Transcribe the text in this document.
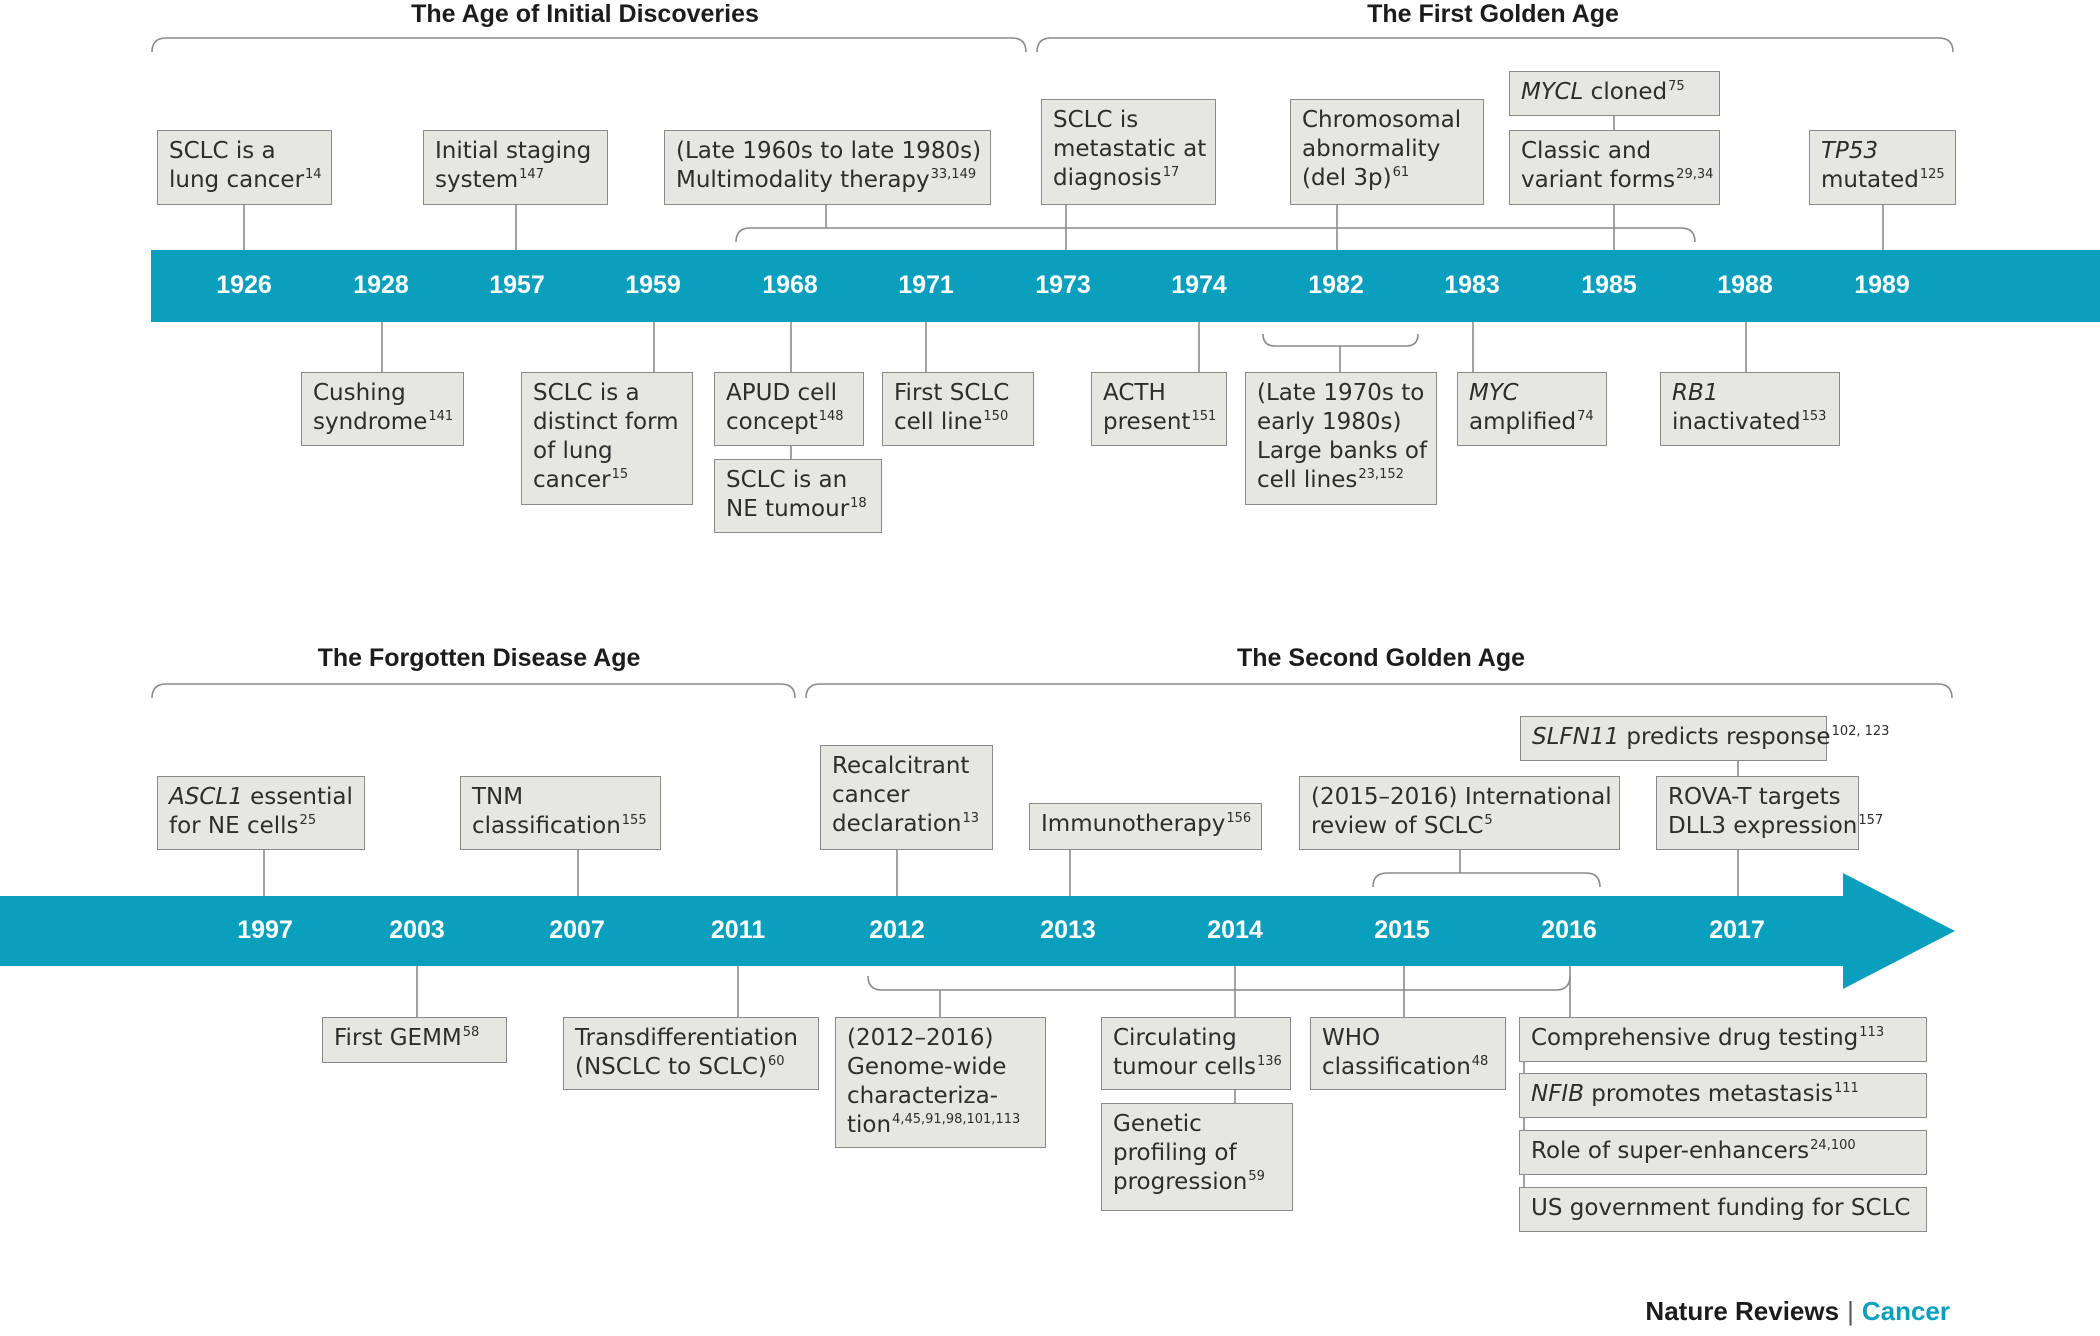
The Age of Initial Discoveries	The First Golden Age
The Forgotten Disease Age	The Second Golden Age
1926	1928	1957	1959	1968	1971	1973	1974	1982	1983	1985	1988	1989
1997	2003	2007	2011	2012	2013	2014	2015	2016	2017
SCLC is a
lung cancer$^{14}$
Initial staging
system$^{147}$
(Late 1960s to late 1980s)
Multimodality therapy$^{33,149}$
SCLC is
metastatic at
diagnosis$^{17}$
Chromosomal
abnormality
(del 3p)$^{61}$
MYCL cloned$^{75}$
Classic and
variant forms$^{29,34}$
TP53
mutated$^{125}$
Cushing
syndrome$^{141}$
SCLC is a
distinct form
of lung
cancer$^{15}$
APUD cell
concept$^{148}$
SCLC is an
NE tumour$^{18}$
First SCLC
cell line$^{150}$
ACTH
present$^{151}$
(Late 1970s to
early 1980s)
Large banks of
cell lines$^{23,152}$
MYC
amplified$^{74}$
RB1
inactivated$^{153}$
ASCL1 essential
for NE cells$^{25}$
TNM
classification$^{155}$
Recalcitrant
cancer
declaration$^{13}$	Immunotherapy$^{156}$
(2015–2016) International
review of SCLC$^5$
SLFN11 predicts response$^{102, 123}$
ROVA-T targets
DLL3 expression$^{157}$
First GEMM$^{58}$	Transdifferentiation
(NSCLC to SCLC)$^{60}$
(2012–2016)
Genome-wide
characteriza-
tion$^{4,45,91,98,101,113}$
Circulating
tumour cells$^{136}$
Genetic
profiling of
progression$^{59}$
WHO
classification$^{48}$
Comprehensive drug testing$^{113}$
NFIB promotes metastasis$^{111}$
Role of super-enhancers$^{24,100}$
US government funding for SCLC
Nature Reviews | Cancer
